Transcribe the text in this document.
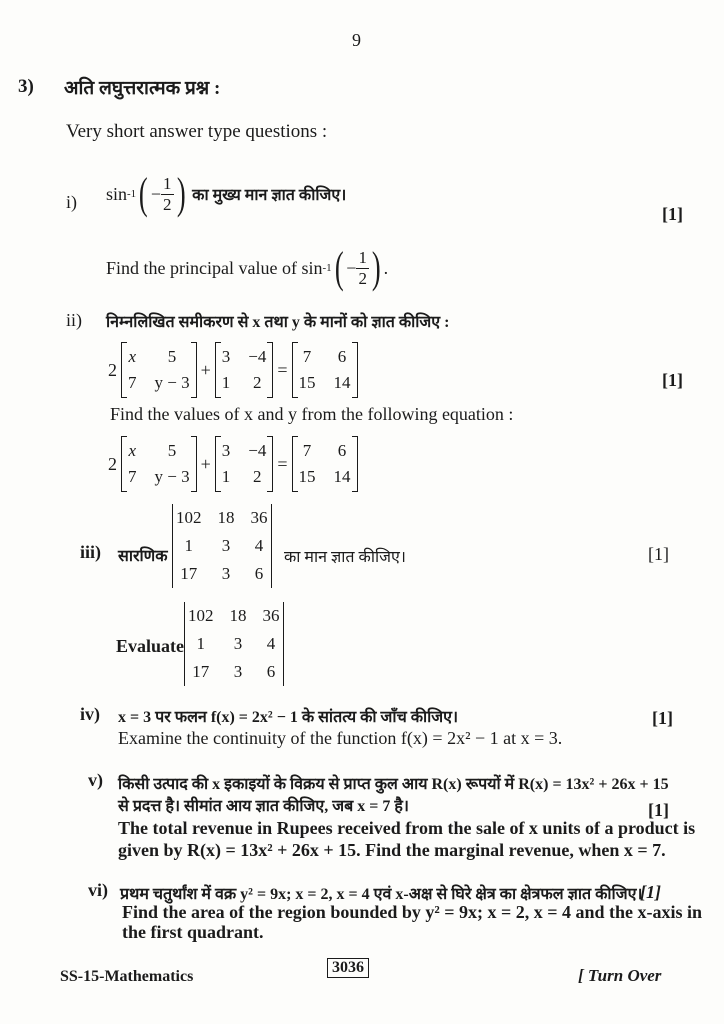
9
3) अति लघुत्तरात्मक प्रश्न :
Very short answer type questions :
i) sin -1 ( − $\frac{1}{2}$ ) का मुख्य मान ज्ञात कीजिए।
[1]
Find the principal value of sin -1 ( − $\frac{1}{2}$ ) .
ii) निम्नलिखित समीकरण से x तथा y के मानों को ज्ञात कीजिए :
2
x	5
7 y − 3
+
3 −4
1 2
=
7 6
15 14	[1]
Find the values of x and y from the following equation :
2
x	5
7 y − 3
+
3 −4
1 2
=
7 6
15 14
iii) सारणिक
102 18 36
1	3 4
17 3 6
का मान ज्ञात कीजिए।	[1]
Evaluate
102 18 36
1	3 4
17 3 6
iv) x = 3 पर फलन f(x) = 2x² − 1 के सांतत्य की जाँच कीजिए।	[1]
Examine the continuity of the function f(x) = 2x² − 1 at x = 3.
v) किसी उत्पाद की x इकाइयों के विक्रय से प्राप्त कुल आय R(x) रूपयों में R(x) = 13x² + 26x + 15
से प्रदत्त है। सीमांत आय ज्ञात कीजिए, जब x = 7 है।	[1]
The total revenue in Rupees received from the sale of x units of a product is
given by R(x) = 13x² + 26x + 15. Find the marginal revenue, when x = 7.
vi) प्रथम चतुर्थांश में वक्र y² = 9x; x = 2, x = 4 एवं x-अक्ष से घिरे क्षेत्र का क्षेत्रफल ज्ञात कीजिए।
[1]
Find the area of the region bounded by y² = 9x; x = 2, x = 4 and the x-axis in
the first quadrant.
SS-15-Mathematics
3036	[ Turn Over
